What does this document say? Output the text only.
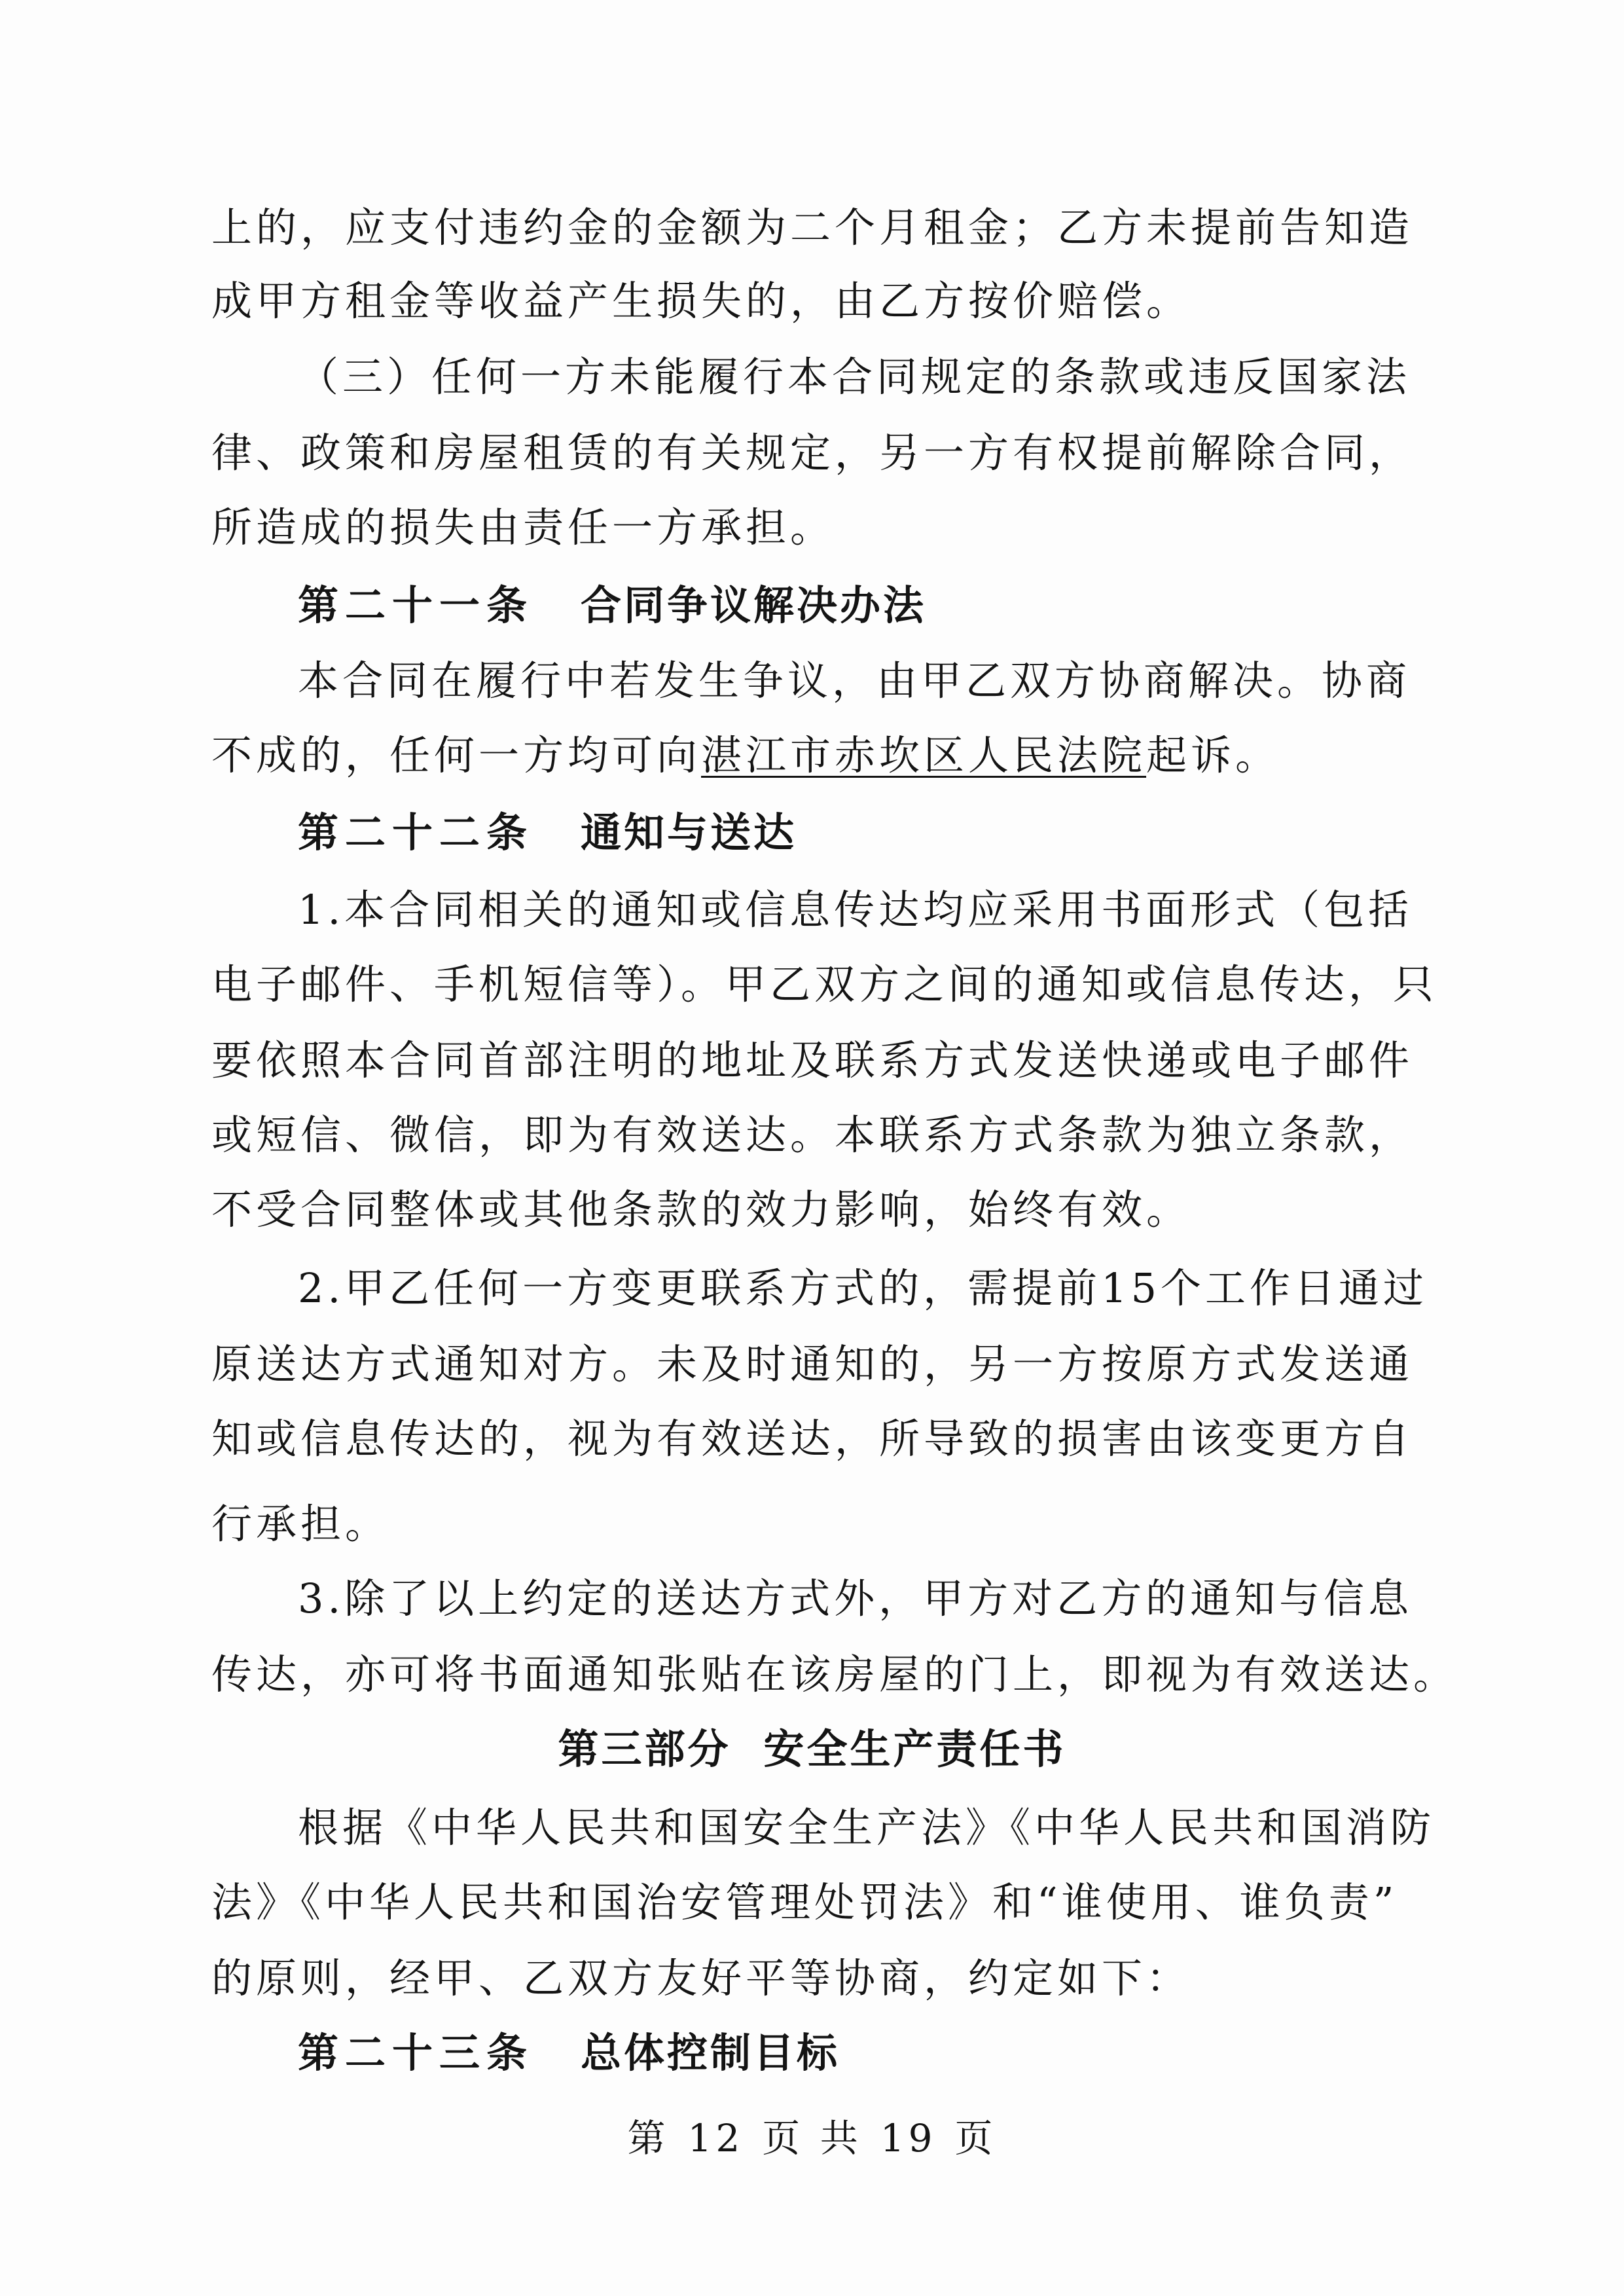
上的，应支付违约金的金额为二个月租金；乙方未提前告知造
成甲方租金等收益产生损失的，由乙方按价赔偿。
（三）任何一方未能履行本合同规定的条款或违反国家法
律、政策和房屋租赁的有关规定，另一方有权提前解除合同，
所造成的损失由责任一方承担。
第二十一条 合同争议解决办法
本合同在履行中若发生争议，由甲乙双方协商解决。协商
不成的，任何一方均可向湛江市赤坎区人民法院起诉。
第二十二条 通知与送达
1.本合同相关的通知或信息传达均应采用书面形式（包括
电子邮件、手机短信等）。甲乙双方之间的通知或信息传达，只
要依照本合同首部注明的地址及联系方式发送快递或电子邮件
或短信、微信，即为有效送达。本联系方式条款为独立条款，
不受合同整体或其他条款的效力影响，始终有效。
2.甲乙任何一方变更联系方式的，需提前15个工作日通过
原送达方式通知对方。未及时通知的，另一方按原方式发送通
知或信息传达的，视为有效送达，所导致的损害由该变更方自
行承担。
3.除了以上约定的送达方式外，甲方对乙方的通知与信息
传达，亦可将书面通知张贴在该房屋的门上，即视为有效送达。
第三部分 安全生产责任书
根据《中华人民共和国安全生产法》《中华人民共和国消防
法》《中华人民共和国治安管理处罚法》和“谁使用、谁负责”
的原则，经甲、乙双方友好平等协商，约定如下：
第二十三条 总体控制目标
第 12 页 共 19 页
